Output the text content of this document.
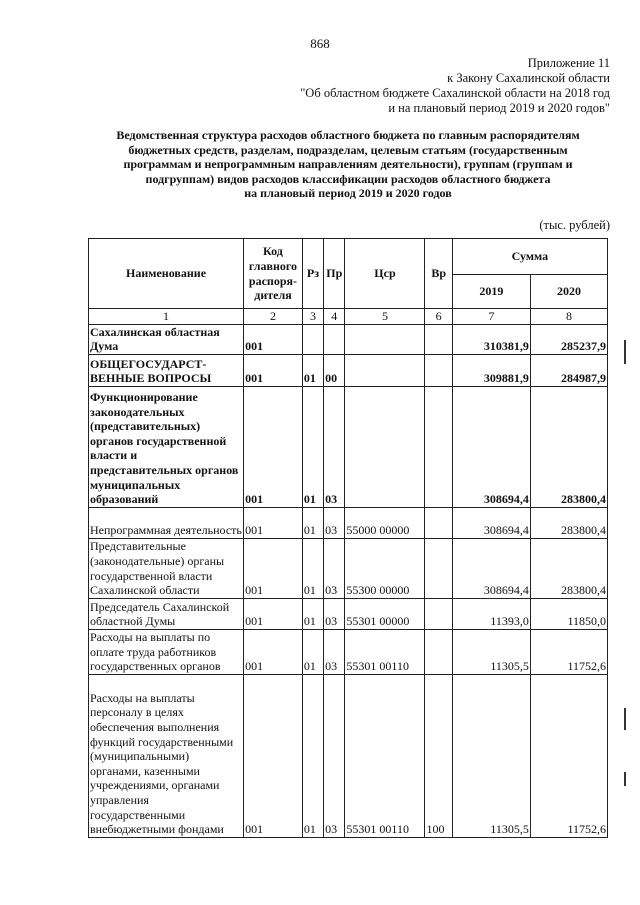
868
Приложение 11
к Закону Сахалинской области
"Об областном бюджете Сахалинской области на 2018 год
и на плановый период 2019 и 2020 годов"
Ведомственная структура расходов областного бюджета по главным распорядителям
бюджетных средств, разделам, подразделам, целевым статьям (государственным
программам и непрограммным направлениям деятельности), группам (группам и
подгруппам) видов расходов классификации расходов областного бюджета
на плановый период 2019 и 2020 годов
(тыс. рублей)
Наименование	Код главного распоря- дителя	Рз	Пр	Цср	Вр	Сумма	
						2019	2020
1	2	3	4	5	6	7	8
Сахалинская областная Дума	001					310381,9	285237,9
ОБЩЕГОСУДАРСТ- ВЕННЫЕ ВОПРОСЫ	001	01	00			309881,9	284987,9
Функционирование законодательных (представительных) органов государственной власти и представительных органов муниципальных образований	001	01	03			308694,4	283800,4
Непрограммная деятельность	001	01	03	55000 00000		308694,4	283800,4
Представительные (законодательные) органы государственной власти Сахалинской области	001	01	03	55300 00000		308694,4	283800,4
Председатель Сахалинской областной Думы	001	01	03	55301 00000		11393,0	11850,0
Расходы на выплаты по оплате труда работников государственных органов	001	01	03	55301 00110		11305,5	11752,6
Расходы на выплаты персоналу в целях обеспечения выполнения функций государственными (муниципальными) органами, казенными учреждениями, органами управления государственными внебюджетными фондами	001	01	03	55301 00110	100	11305,5	11752,6
